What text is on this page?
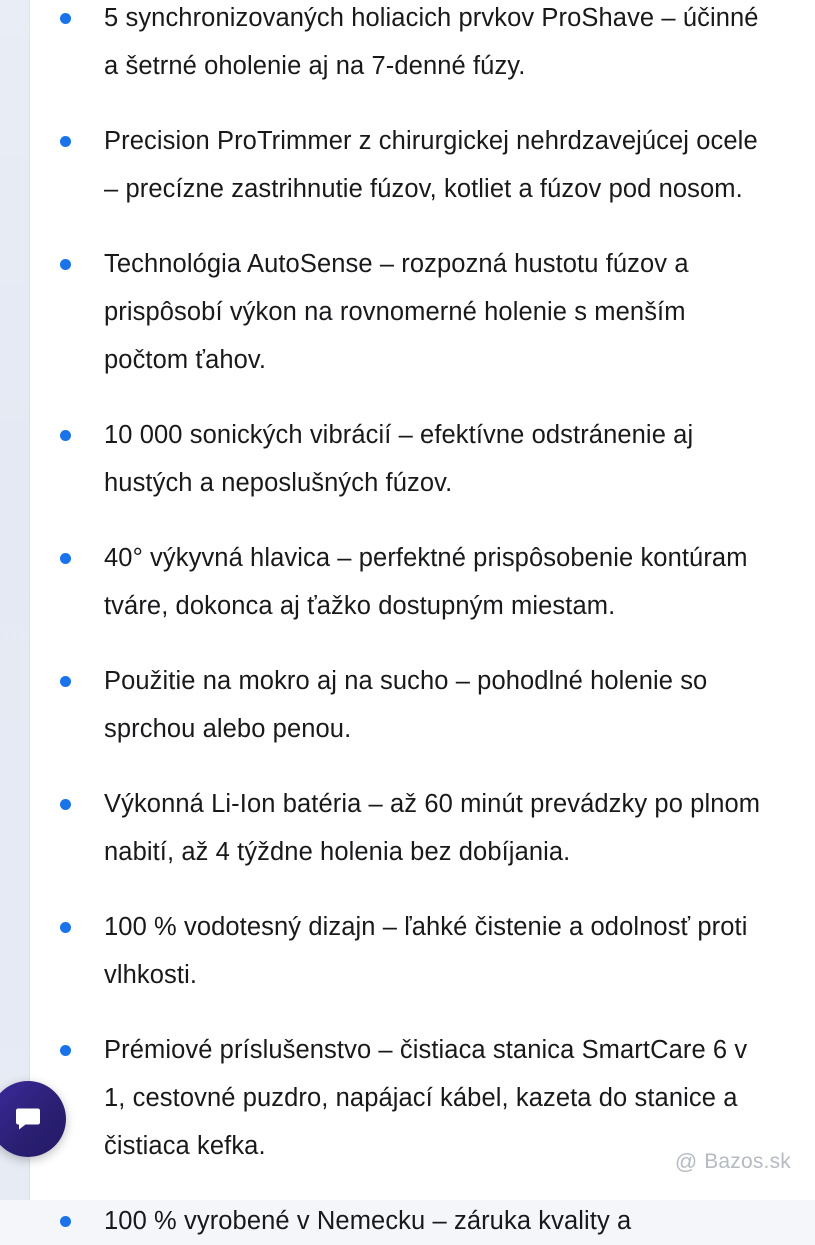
5 synchronizovaných holiacich prvkov ProShave – účinné a šetrné oholenie aj na 7-denné fúzy.
Precision ProTrimmer z chirurgickej nehrdzavejúcej ocele – precízne zastrihnutie fúzov, kotliet a fúzov pod nosom.
Technológia AutoSense – rozpozná hustotu fúzov a prispôsobí výkon na rovnomerné holenie s menším počtom ťahov.
10 000 sonických vibrácií – efektívne odstránenie aj hustých a neposlušných fúzov.
40° výkyvná hlavica – perfektné prispôsobenie kontúram tváre, dokonca aj ťažko dostupným miestam.
Použitie na mokro aj na sucho – pohodlné holenie so sprchou alebo penou.
Výkonná Li-Ion batéria – až 60 minút prevádzky po plnom nabití, až 4 týždne holenia bez dobíjania.
100 % vodotesný dizajn – ľahké čistenie a odolnosť proti vlhkosti.
Prémiové príslušenstvo – čistiaca stanica SmartCare 6 v 1, cestovné puzdro, napájací kábel, kazeta do stanice a čistiaca kefka.
100 % vyrobené v Nemecku – záruka kvality a
@ Bazos.sk
